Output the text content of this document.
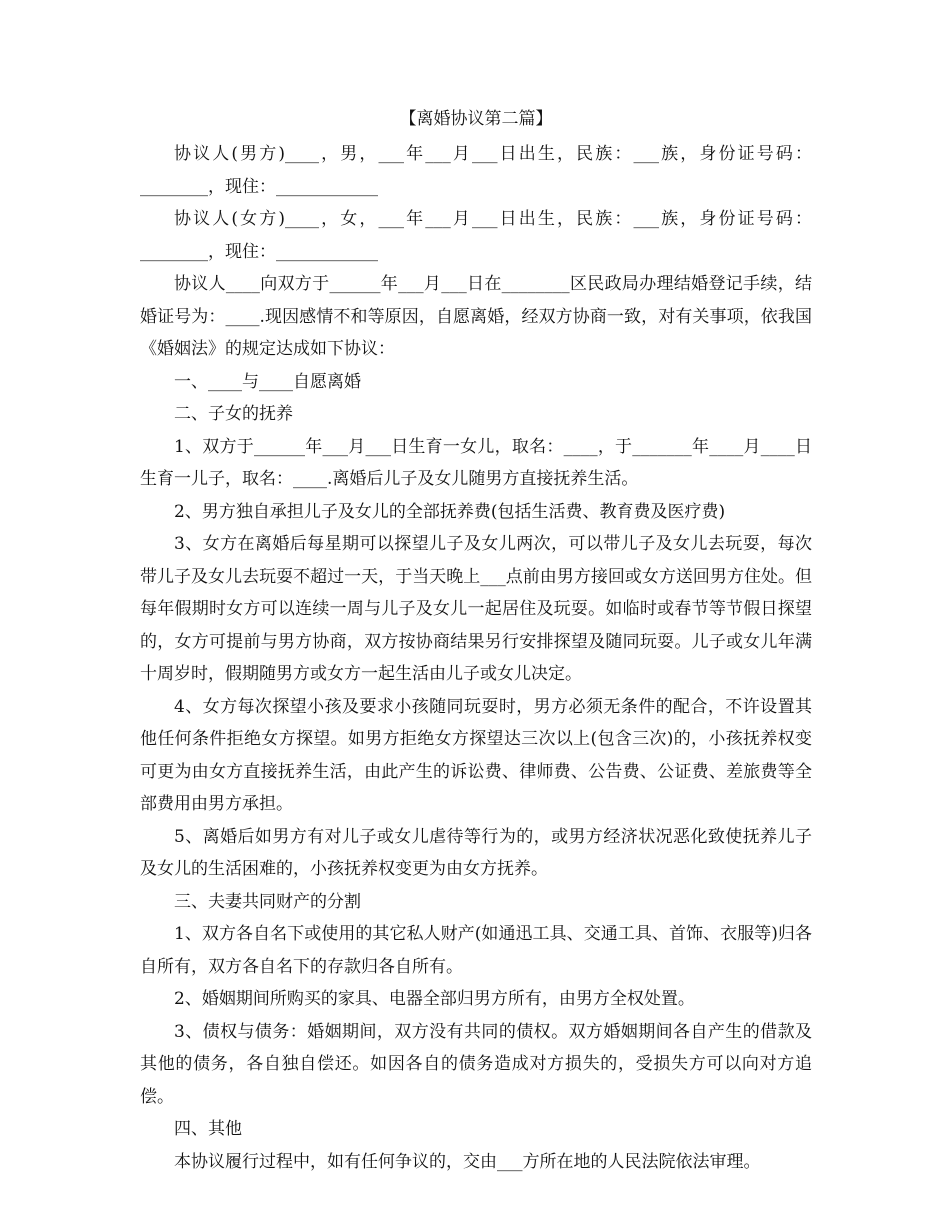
【离婚协议第二篇】

协议人(男方)____，男，___年___月___日出生，民族：___族，身份证号码：________，现住：____________

协议人(女方)____，女，___年___月___日出生，民族：___族，身份证号码：________，现住：____________

协议人____向双方于______年___月___日在________区民政局办理结婚登记手续，结婚证号为：____.现因感情不和等原因，自愿离婚，经双方协商一致，对有关事项，依我国《婚姻法》的规定达成如下协议：

一、____与____自愿离婚

二、子女的抚养

1、双方于______年___月___日生育一女儿，取名：____，于_______年____月____日生育一儿子，取名：____.离婚后儿子及女儿随男方直接抚养生活。

2、男方独自承担儿子及女儿的全部抚养费(包括生活费、教育费及医疗费)

3、女方在离婚后每星期可以探望儿子及女儿两次，可以带儿子及女儿去玩耍，每次带儿子及女儿去玩耍不超过一天，于当天晚上___点前由男方接回或女方送回男方住处。但每年假期时女方可以连续一周与儿子及女儿一起居住及玩耍。如临时或春节等节假日探望的，女方可提前与男方协商，双方按协商结果另行安排探望及随同玩耍。儿子或女儿年满十周岁时，假期随男方或女方一起生活由儿子或女儿决定。

4、女方每次探望小孩及要求小孩随同玩耍时，男方必须无条件的配合，不许设置其他任何条件拒绝女方探望。如男方拒绝女方探望达三次以上(包含三次)的，小孩抚养权变可更为由女方直接抚养生活，由此产生的诉讼费、律师费、公告费、公证费、差旅费等全部费用由男方承担。

5、离婚后如男方有对儿子或女儿虐待等行为的，或男方经济状况恶化致使抚养儿子及女儿的生活困难的，小孩抚养权变更为由女方抚养。

三、夫妻共同财产的分割

1、双方各自名下或使用的其它私人财产(如通迅工具、交通工具、首饰、衣服等)归各自所有，双方各自名下的存款归各自所有。

2、婚姻期间所购买的家具、电器全部归男方所有，由男方全权处置。

3、债权与债务：婚姻期间，双方没有共同的债权。双方婚姻期间各自产生的借款及其他的债务，各自独自偿还。如因各自的债务造成对方损失的，受损失方可以向对方追偿。

四、其他

本协议履行过程中，如有任何争议的，交由___方所在地的人民法院依法审理。
